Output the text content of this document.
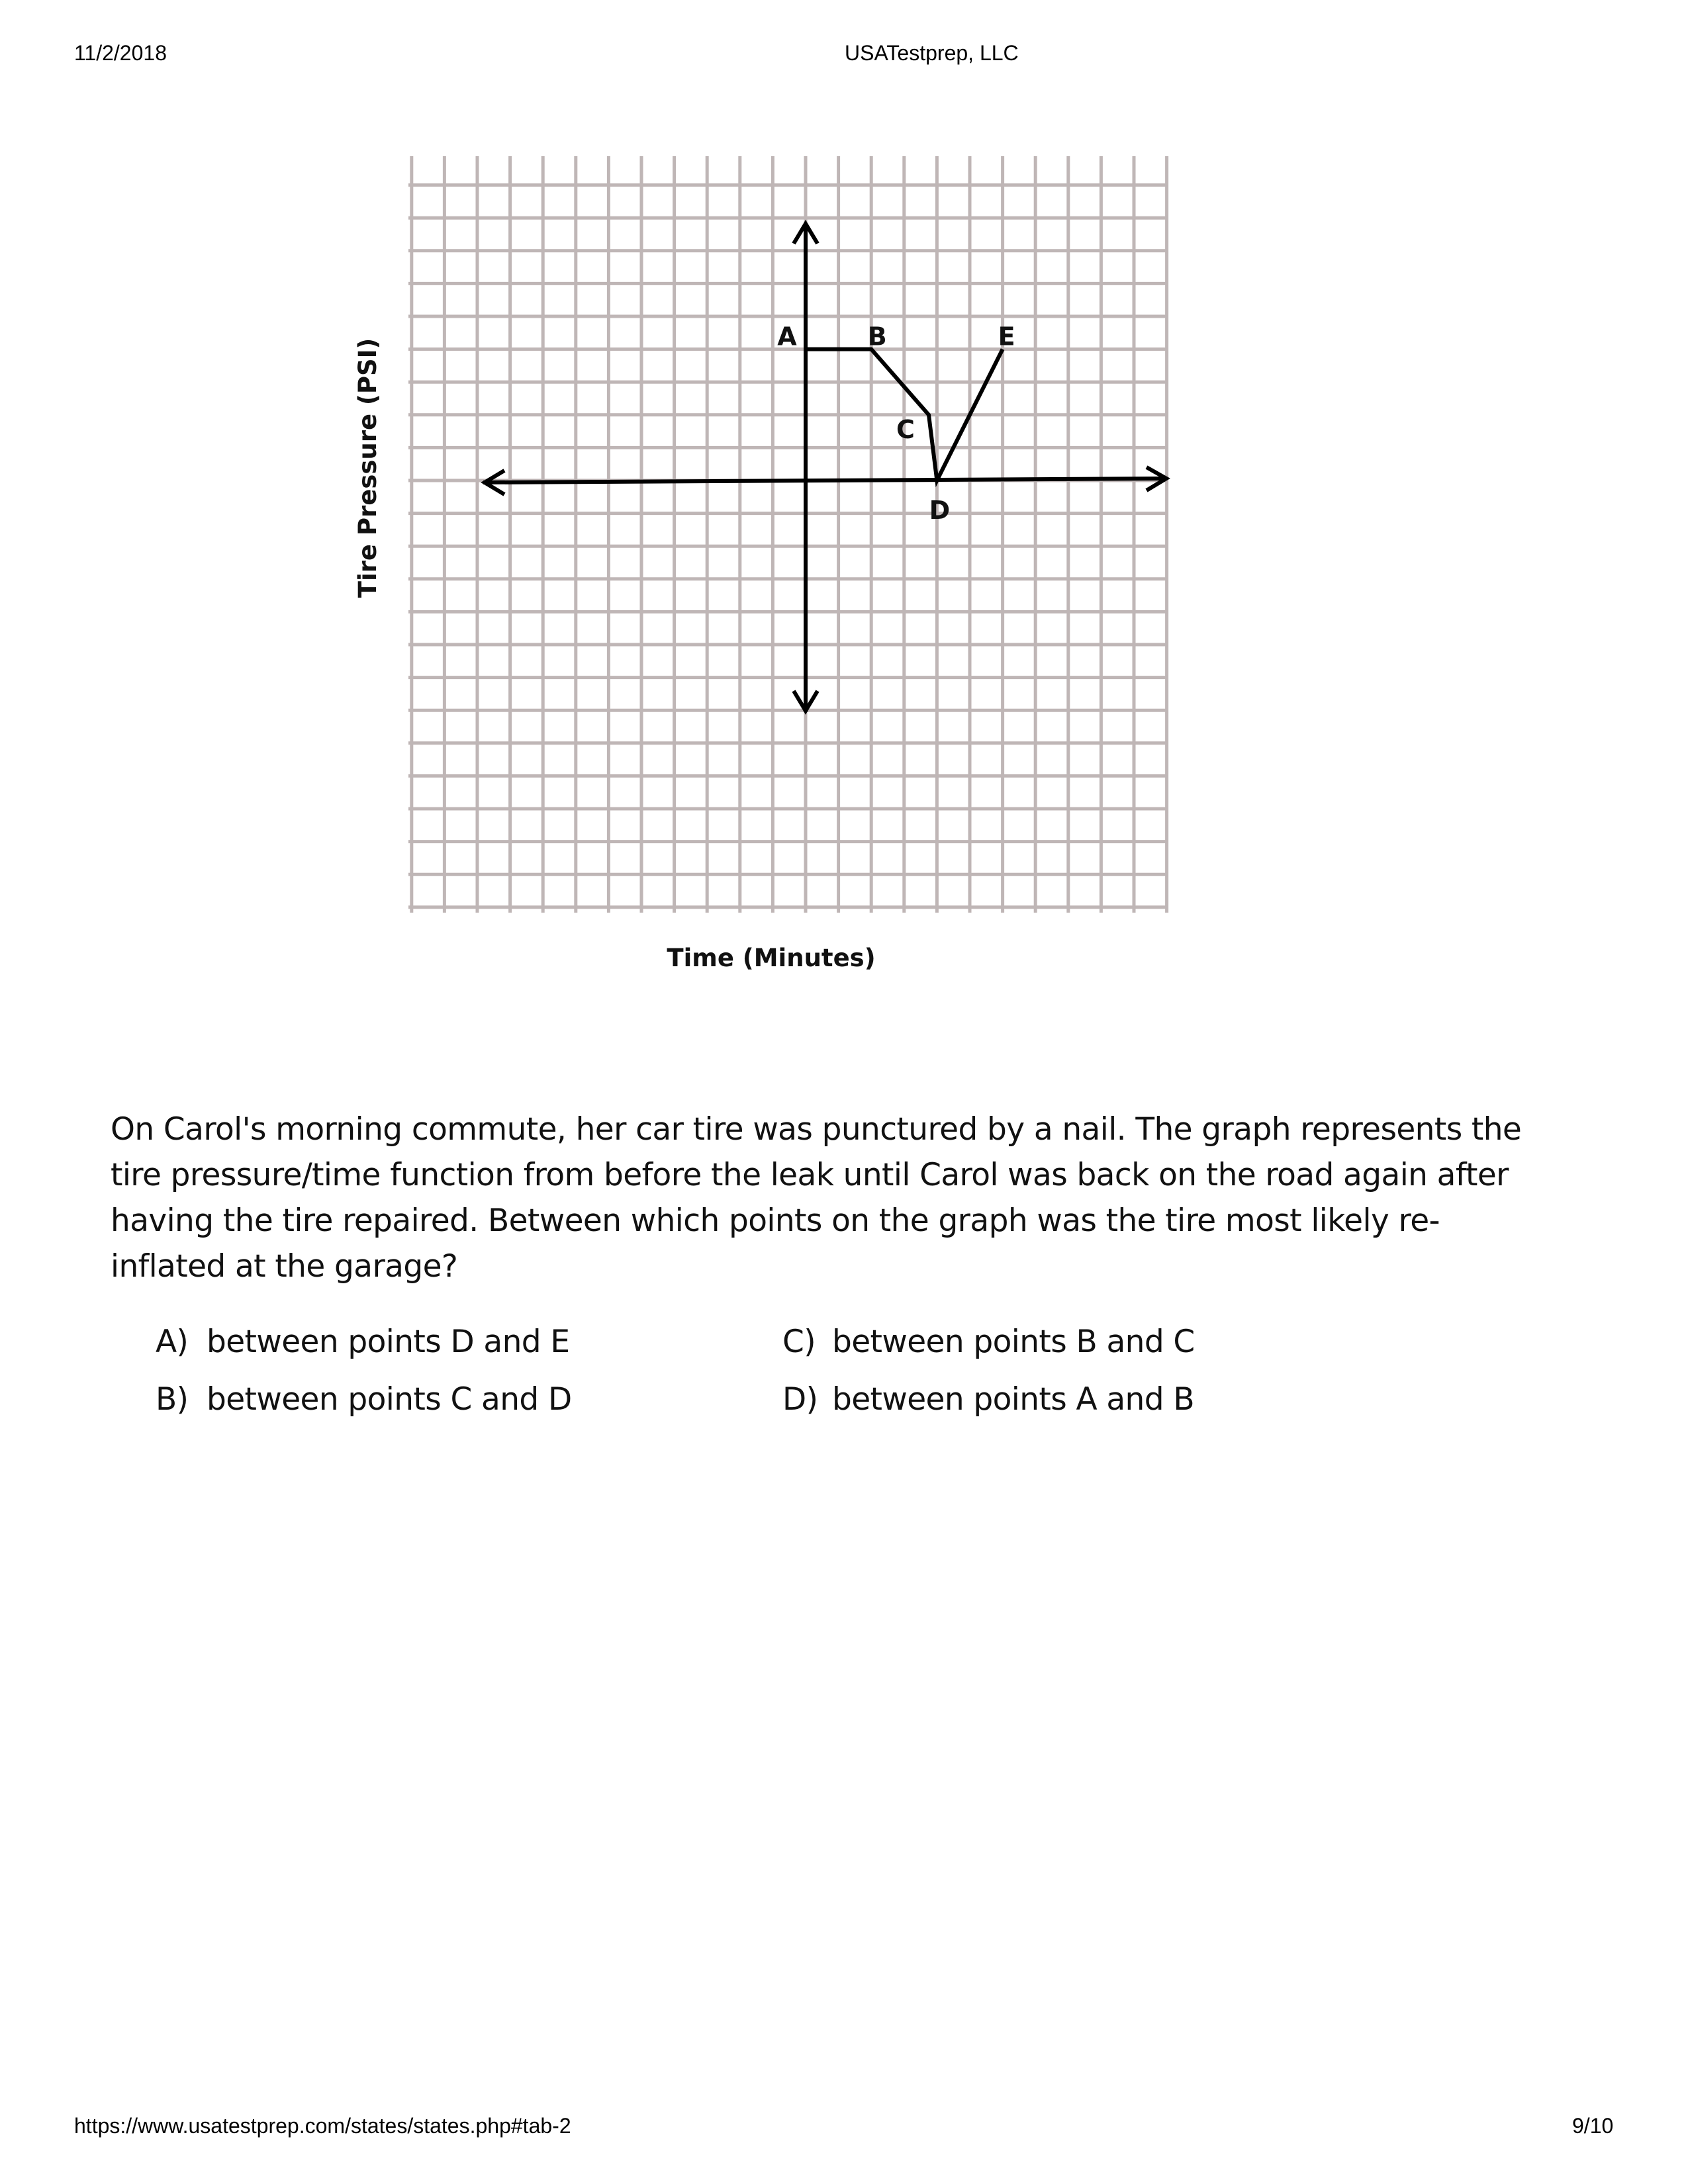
11/2/2018	USATestprep, LLC
A	B
C
D
E
Tire Pressure (PSI)
Time (Minutes)
On Carol's morning commute, her car tire was punctured by a nail. The graph represents the
tire pressure/time function from before the leak until Carol was back on the road again after
having the tire repaired. Between which points on the graph was the tire most likely re-
inflated at the garage?
A) between points D and E
B) between points C and D
C) between points B and C
D) between points A and B
https://www.usatestprep.com/states/states.php#tab-2	9/10
